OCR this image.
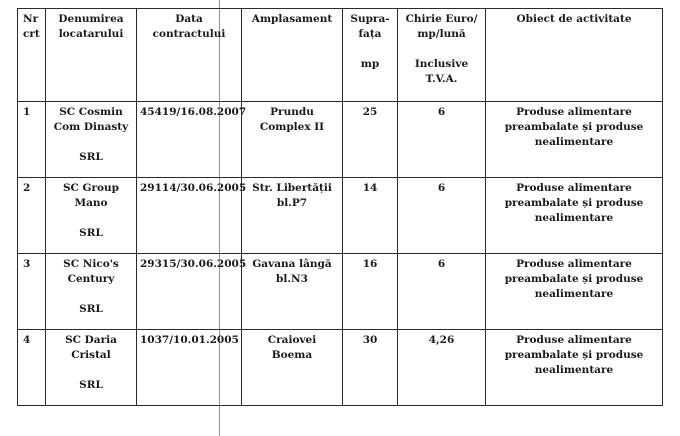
Nr
crt	Denumirea
locatarului	Data
contractului	Amplasament	Supra-
fața
mp	Chirie Euro/
mp/lună
Inclusive
T.V.A.	Obiect de activitate

1	SC Cosmin
Com Dinasty
SRL	45419/16.08.2007	Prundu
Complex II	25	6	Produse alimentare
preambalate și produse
nealimentare

2	SC Group
Mano
SRL	29114/30.06.2005	Str. Libertății
bl.P7	14	6	Produse alimentare
preambalate și produse
nealimentare

3	SC Nico's
Century
SRL	29315/30.06.2005	Gavana lângă
bl.N3	16	6	Produse alimentare
preambalate și produse
nealimentare

4	SC Daria
Cristal
SRL	1037/10.01.2005	Craiovei
Boema	30	4,26	Produse alimentare
preambalate și produse
nealimentare
